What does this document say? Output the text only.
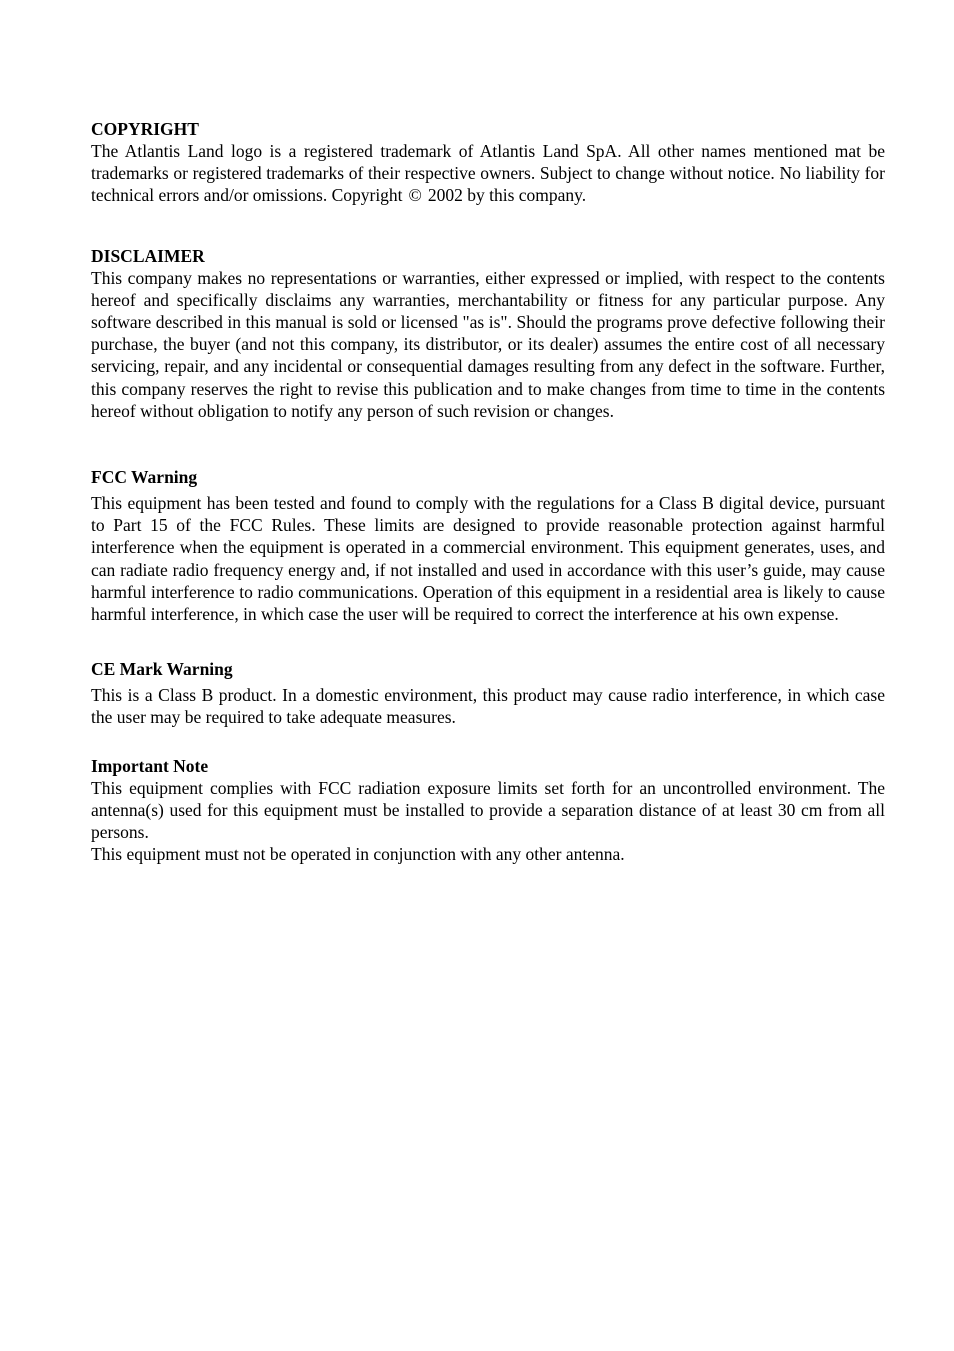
COPYRIGHT

The Atlantis Land logo is a registered trademark of Atlantis Land SpA. All other names mentioned mat be trademarks or registered trademarks of their respective owners. Subject to change without notice. No liability for technical errors and/or omissions. Copyright © 2002 by this company.

DISCLAIMER

This company makes no representations or warranties, either expressed or implied, with respect to the contents hereof and specifically disclaims any warranties, merchantability or fitness for any particular purpose. Any software described in this manual is sold or licensed "as is". Should the programs prove defective following their purchase, the buyer (and not this company, its distributor, or its dealer) assumes the entire cost of all necessary servicing, repair, and any incidental or consequential damages resulting from any defect in the software. Further, this company reserves the right to revise this publication and to make changes from time to time in the contents hereof without obligation to notify any person of such revision or changes.

FCC Warning

This equipment has been tested and found to comply with the regulations for a Class B digital device, pursuant to Part 15 of the FCC Rules. These limits are designed to provide reasonable protection against harmful interference when the equipment is operated in a commercial environment. This equipment generates, uses, and can radiate radio frequency energy and, if not installed and used in accordance with this user’s guide, may cause harmful interference to radio communications. Operation of this equipment in a residential area is likely to cause harmful interference, in which case the user will be required to correct the interference at his own expense.

CE Mark Warning

This is a Class B product. In a domestic environment, this product may cause radio interference, in which case the user may be required to take adequate measures.

Important Note

This equipment complies with FCC radiation exposure limits set forth for an uncontrolled environment. The antenna(s) used for this equipment must be installed to provide a separation distance of at least 30 cm from all persons.

This equipment must not be operated in conjunction with any other antenna.
